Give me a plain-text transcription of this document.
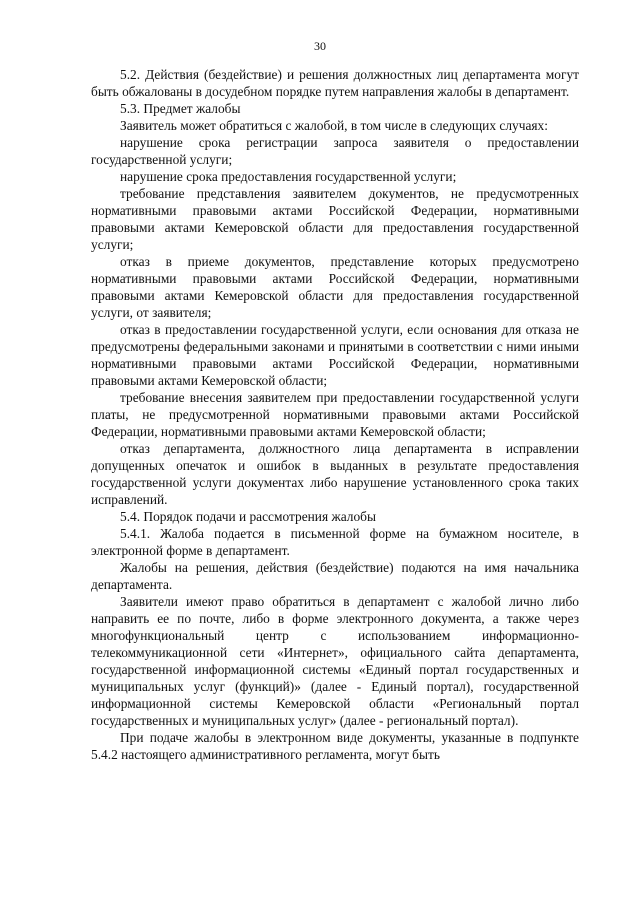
30

5.2. Действия (бездействие) и решения должностных лиц департамента могут быть обжалованы в досудебном порядке путем направления жалобы в департамент.

5.3. Предмет жалобы

Заявитель может обратиться с жалобой, в том числе в следующих случаях:

нарушение срока регистрации запроса заявителя о предоставлении государственной услуги;

нарушение срока предоставления государственной услуги;

требование представления заявителем документов, не предусмотренных нормативными правовыми актами Российской Федерации, нормативными правовыми актами Кемеровской области для предоставления государственной услуги;

отказ в приеме документов, представление которых предусмотрено нормативными правовыми актами Российской Федерации, нормативными правовыми актами Кемеровской области для предоставления государственной услуги, от заявителя;

отказ в предоставлении государственной услуги, если основания для отказа не предусмотрены федеральными законами и принятыми в соответствии с ними иными нормативными правовыми актами Российской Федерации, нормативными правовыми актами Кемеровской области;

требование внесения заявителем при предоставлении государственной услуги платы, не предусмотренной нормативными правовыми актами Российской Федерации, нормативными правовыми актами Кемеровской области;

отказ департамента, должностного лица департамента в исправлении допущенных опечаток и ошибок в выданных в результате предоставления государственной услуги документах либо нарушение установленного срока таких исправлений.

5.4. Порядок подачи и рассмотрения жалобы

5.4.1. Жалоба подается в письменной форме на бумажном носителе, в электронной форме в департамент.

Жалобы на решения, действия (бездействие) подаются на имя начальника департамента.

Заявители имеют право обратиться в департамент с жалобой лично либо направить ее по почте, либо в форме электронного документа, а также через многофункциональный центр с использованием информационно-телекоммуникационной сети «Интернет», официального сайта департамента, государственной информационной системы «Единый портал государственных и муниципальных услуг (функций)» (далее - Единый портал), государственной информационной системы Кемеровской области «Региональный портал государственных и муниципальных услуг» (далее - региональный портал).

При подаче жалобы в электронном виде документы, указанные в подпункте 5.4.2 настоящего административного регламента, могут быть
